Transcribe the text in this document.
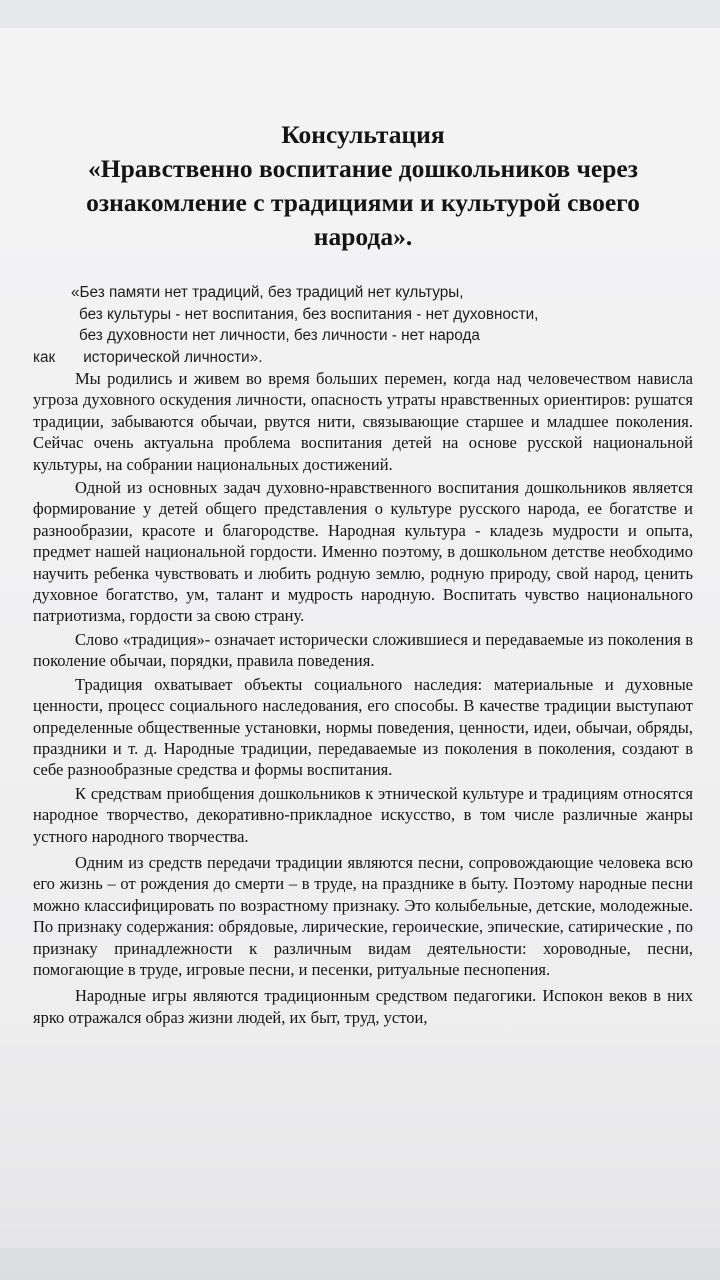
Консультация
«Нравственно воспитание дошкольников через
ознакомление с традициями и культурой своего
народа».
«Без памяти нет традиций, без традиций нет культуры,
без культуры - нет воспитания, без воспитания - нет духовности,
без духовности нет личности, без личности - нет народа
как исторической личности».

Мы родились и живем во время больших перемен, когда над человечеством нависла угроза духовного оскудения личности, опасность утраты нравственных ориентиров: рушатся традиции, забываются обычаи, рвутся нити, связывающие старшее и младшее поколения. Сейчас очень актуальна проблема воспитания детей на основе русской национальной культуры, на собрании национальных достижений.

Одной из основных задач духовно-нравственного воспитания дошкольников является формирование у детей общего представления о культуре русского народа, ее богатстве и разнообразии, красоте и благородстве. Народная культура - кладезь мудрости и опыта, предмет нашей национальной гордости. Именно поэтому, в дошкольном детстве необходимо научить ребенка чувствовать и любить родную землю, родную природу, свой народ, ценить духовное богатство, ум, талант и мудрость народную. Воспитать чувство национального патриотизма, гордости за свою страну.

Слово «традиция»- означает исторически сложившиеся и передаваемые из поколения в поколение обычаи, порядки, правила поведения.

Традиция охватывает объекты социального наследия: материальные и духовные ценности, процесс социального наследования, его способы. В качестве традиции выступают определенные общественные установки, нормы поведения, ценности, идеи, обычаи, обряды, праздники и т. д. Народные традиции, передаваемые из поколения в поколения, создают в себе разнообразные средства и формы воспитания.

К средствам приобщения дошкольников к этнической культуре и традициям относятся народное творчество, декоративно-прикладное искусство, в том числе различные жанры устного народного творчества.

Одним из средств передачи традиции являются песни, сопровождающие человека всю его жизнь – от рождения до смерти – в труде, на празднике в быту. Поэтому народные песни можно классифицировать по возрастному признаку. Это колыбельные, детские, молодежные. По признаку содержания: обрядовые, лирические, героические, эпические, сатирические , по признаку принадлежности к различным видам деятельности: хороводные, песни, помогающие в труде, игровые песни, и песенки, ритуальные песнопения.

Народные игры являются традиционным средством педагогики. Испокон веков в них ярко отражался образ жизни людей, их быт, труд, устои,
